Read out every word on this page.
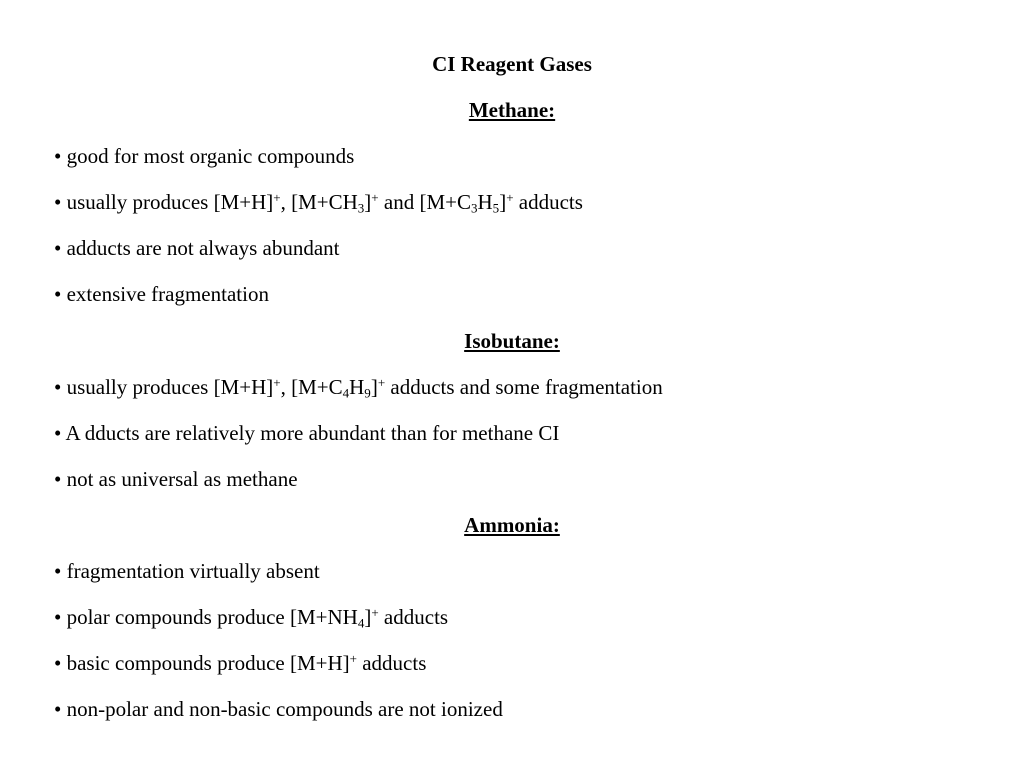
CI Reagent Gases
Methane:
• good for most organic compounds
• usually produces [M+H]+, $[M+CH_3]^+$ and $[M+C_3H_5]^+$ adducts
• adducts are not always abundant
• extensive fragmentation
Isobutane:
• usually produces [M+H]+, $[M+C_4H_9]^+$ adducts and some fragmentation
• A dducts are relatively more abundant than for methane CI
• not as universal as methane
Ammonia:
• fragmentation virtually absent
• polar compounds produce $[M+NH_4]^+$ adducts
• basic compounds produce [M+H]+ adducts
• non-polar and non-basic compounds are not ionized
